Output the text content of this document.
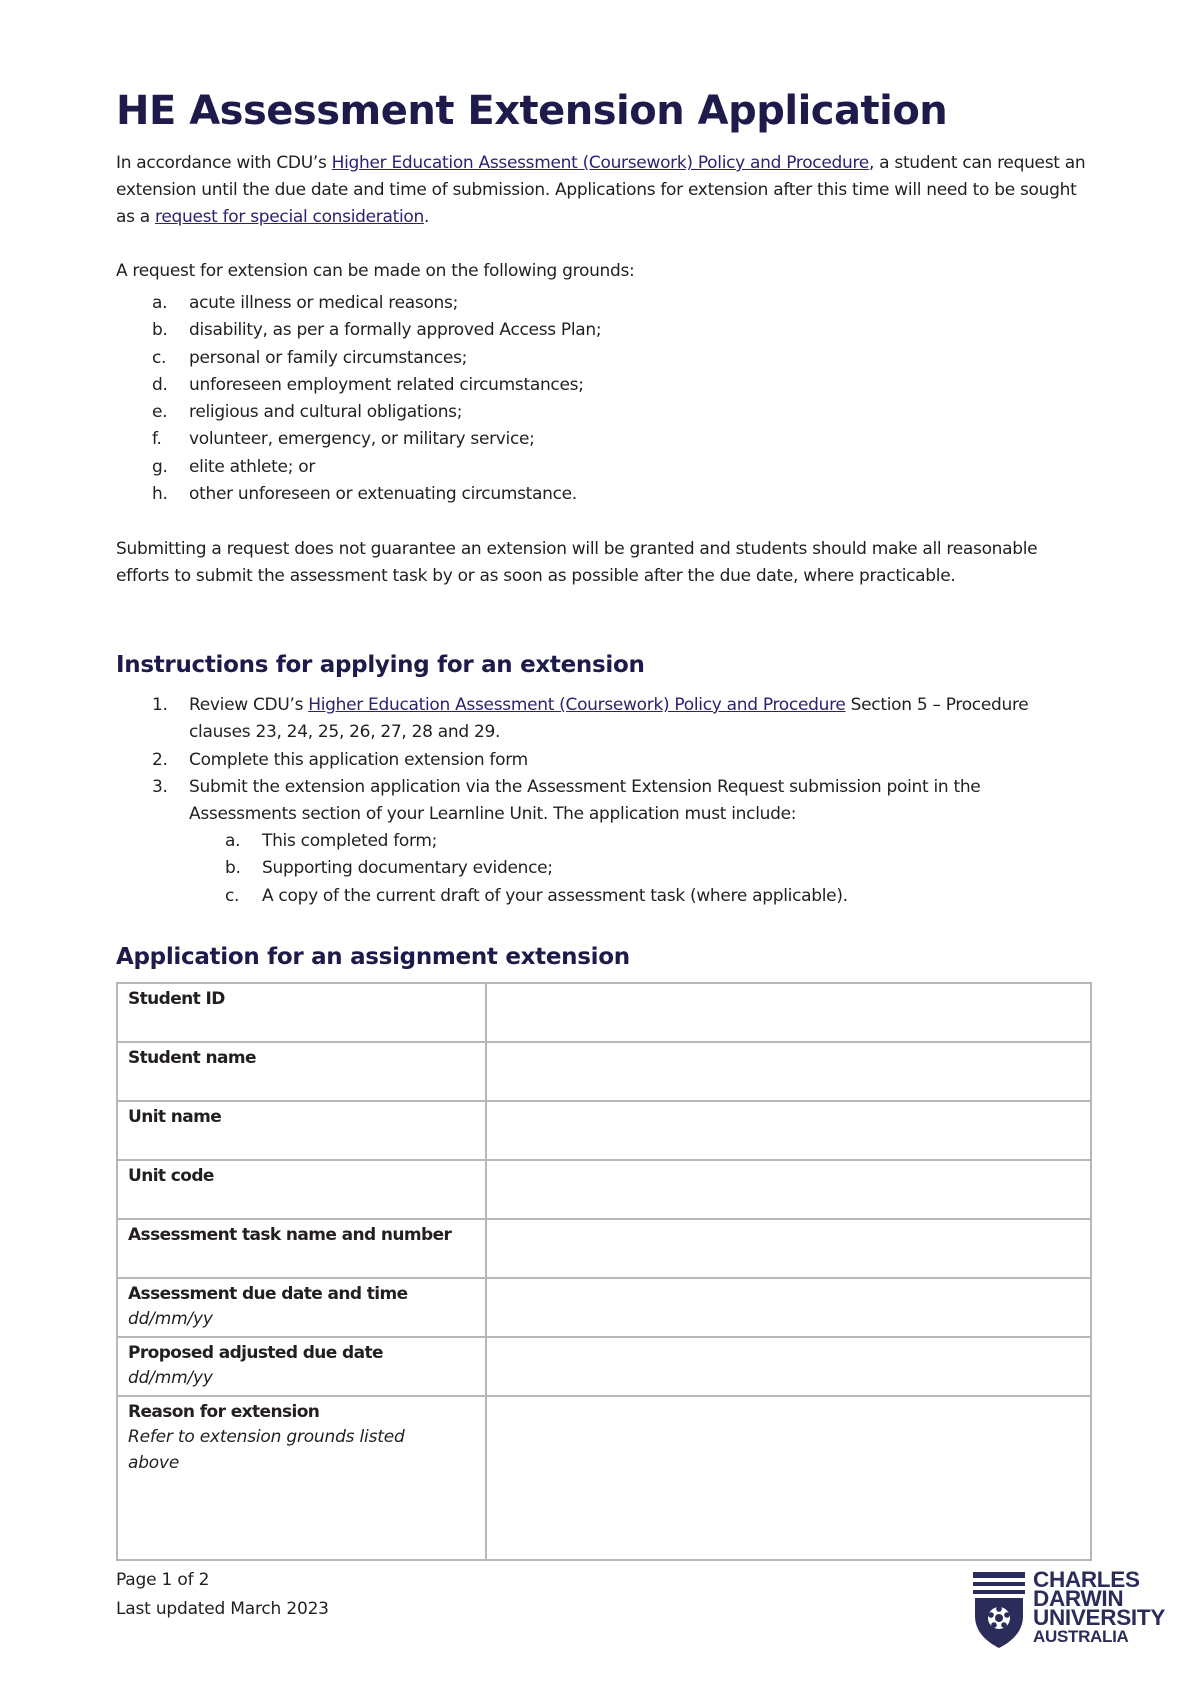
HE Assessment Extension Application

In accordance with CDU’s Higher Education Assessment (Coursework) Policy and Procedure, a student can request an extension until the due date and time of submission. Applications for extension after this time will need to be sought as a request for special consideration.

A request for extension can be made on the following grounds:

a. acute illness or medical reasons;
b. disability, as per a formally approved Access Plan;
c. personal or family circumstances;
d. unforeseen employment related circumstances;
e. religious and cultural obligations;
f. volunteer, emergency, or military service;
g. elite athlete; or
h. other unforeseen or extenuating circumstance.

Submitting a request does not guarantee an extension will be granted and students should make all reasonable efforts to submit the assessment task by or as soon as possible after the due date, where practicable.

Instructions for applying for an extension
1. Review CDU’s Higher Education Assessment (Coursework) Policy and Procedure Section 5 – Procedure clauses 23, 24, 25, 26, 27, 28 and 29.
2. Complete this application extension form
3. Submit the extension application via the Assessment Extension Request submission point in the Assessments section of your Learnline Unit. The application must include:
a. This completed form;
b. Supporting documentary evidence;
c. A copy of the current draft of your assessment task (where applicable).
Application for an assignment extension
Student ID	

Student name	

Unit name	

Unit code	

Assessment task name and number	

Assessment due date and time
dd/mm/yy	

Proposed adjusted due date
dd/mm/yy	

Reason for extension
Refer to extension grounds listed above	

Page 1 of 2
Last updated March 2023
CHARLES
DARWIN
UNIVERSITY
AUSTRALIA
